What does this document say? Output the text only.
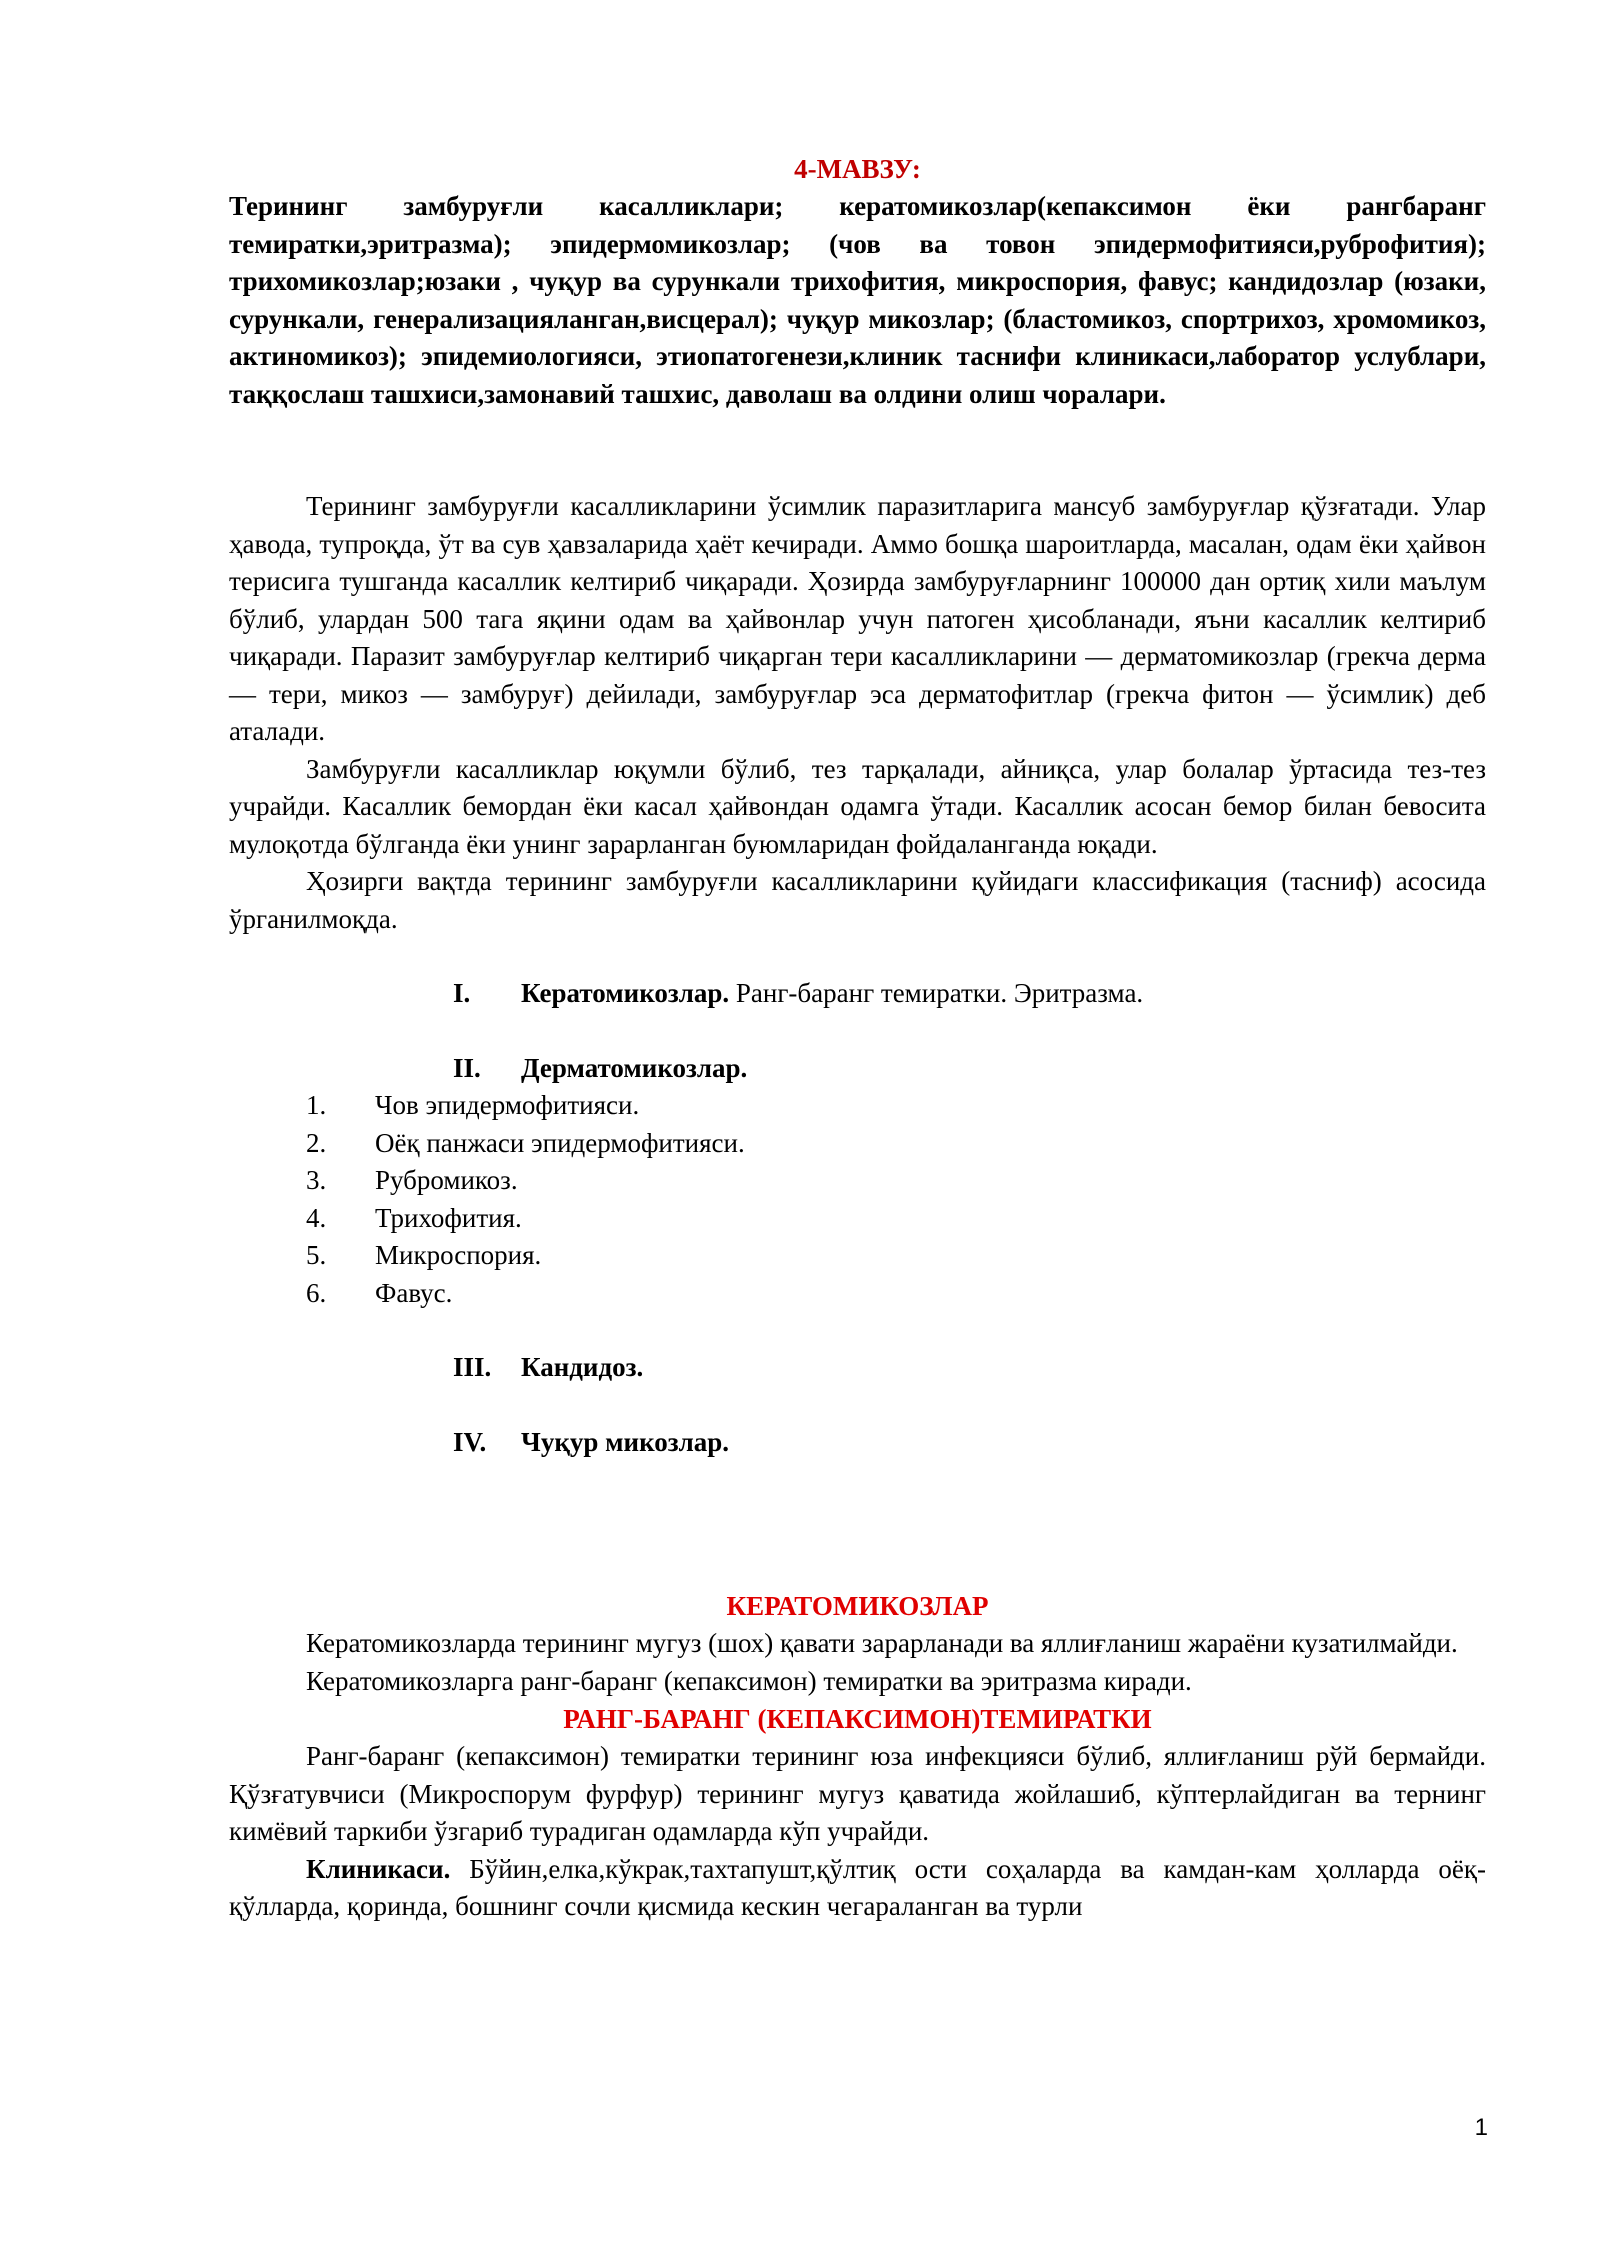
4-МАВЗУ:

Терининг замбуруғли касалликлари; кератомикозлар(кепаксимон ёки рангбаранг темиратки,эритразма); эпидермомикозлар; (чов ва товон эпидермофитияси,руброфития); трихомикозлар;юзаки , чуқур ва сурункали трихофития, микроспория, фавус; кандидозлар (юзаки, сурункали, генерализацияланган,висцерал); чуқур микозлар; (бластомикоз, спортрихоз, хромомикоз, актиномикоз); эпидемиологияси, этиопатогенези,клиник таснифи клиникаси,лаборатор услублари, таққослаш ташхиси,замонавий ташхис, даволаш ва олдини олиш чоралари.

Терининг замбуруғли касалликларини ўсимлик паразитларига мансуб замбуруғлар қўзғатади. Улар ҳавода, тупроқда, ўт ва сув ҳавзаларида ҳаёт кечиради. Аммо бошқа шароитларда, масалан, одам ёки ҳайвон терисига тушганда касаллик келтириб чиқаради. Ҳозирда замбуруғларнинг 100000 дан ортиқ хили маълум бўлиб, улардан 500 тага яқини одам ва ҳайвонлар учун патоген ҳисобланади, яъни касаллик келтириб чиқаради. Паразит замбуруғлар келтириб чиқарган тери касалликларини — дерматомикозлар (грекча дерма — тери, микоз — замбуруғ) дейилади, замбуруғлар эса дерматофитлар (грекча фитон — ўсимлик) деб аталади.

Замбуруғли касалликлар юқумли бўлиб, тез тарқалади, айниқса, улар болалар ўртасида тез-тез учрайди. Касаллик бемордан ёки касал ҳайвондан одамга ўтади. Касаллик асосан бемор билан бевосита мулоқотда бўлганда ёки унинг зарарланган буюмларидан фойдаланганда юқади.

Ҳозирги вақтда терининг замбуруғли касалликларини қуйидаги классификация (тасниф) асосида ўрганилмоқда.

I.	Кератомикозлар. Ранг-баранг темиратки. Эритразма.
II.	Дерматомикозлар.
1.	Чов эпидермофитияси.
2.	Оёқ панжаси эпидермофитияси.
3.	Рубромикоз.
4.	Трихофития.
5.	Микроспория.
6.	Фавус.
III.	Кандидоз.
IV.	Чуқур микозлар.

КЕРАТОМИКОЗЛАР

Кератомикозларда терининг мугуз (шох) қавати зарарланади ва яллиғланиш жараёни кузатилмайди.

Кератомикозларга ранг-баранг (кепаксимон) темиратки ва эритразма киради.

РАНГ-БАРАНГ (КЕПАКСИМОН)ТЕМИРАТКИ

Ранг-баранг (кепаксимон) темиратки терининг юза инфекцияси бўлиб, яллиғланиш рўй бермайди. Қўзғатувчиси (Микроспорум фурфур) терининг мугуз қаватида жойлашиб, кўптерлайдиган ва тернинг кимёвий таркиби ўзгариб турадиган одамларда кўп учрайди.

Клиникаси. Бўйин,елка,кўкрак,тахтапушт,қўлтиқ ости соҳаларда ва камдан-кам ҳолларда оёқ-қўлларда, қоринда, бошнинг сочли қисмида кескин чегараланган ва турли

1
